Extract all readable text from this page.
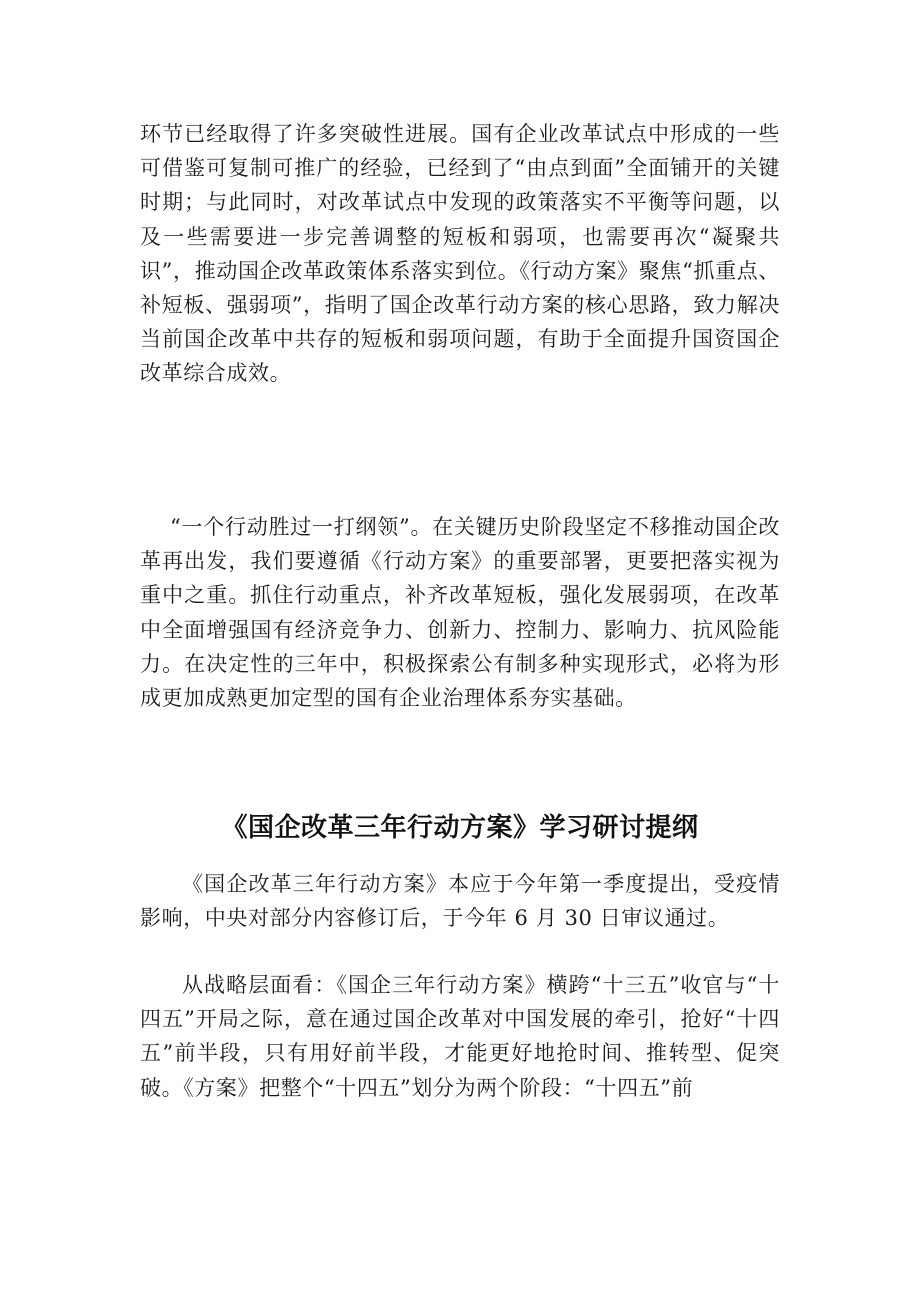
环节已经取得了许多突破性进展。国有企业改革试点中形成的一些可借鉴可复制可推广的经验，已经到了“由点到面”全面铺开的关键时期；与此同时，对改革试点中发现的政策落实不平衡等问题，以及一些需要进一步完善调整的短板和弱项，也需要再次“凝聚共识”，推动国企改革政策体系落实到位。《行动方案》聚焦“抓重点、补短板、强弱项”，指明了国企改革行动方案的核心思路，致力解决当前国企改革中共存的短板和弱项问题，有助于全面提升国资国企改革综合成效。

“一个行动胜过一打纲领”。在关键历史阶段坚定不移推动国企改革再出发，我们要遵循《行动方案》的重要部署，更要把落实视为重中之重。抓住行动重点，补齐改革短板，强化发展弱项，在改革中全面增强国有经济竞争力、创新力、控制力、影响力、抗风险能力。在决定性的三年中，积极探索公有制多种实现形式，必将为形成更加成熟更加定型的国有企业治理体系夯实基础。

《国企改革三年行动方案》学习研讨提纲

《国企改革三年行动方案》本应于今年第一季度提出，受疫情影响，中央对部分内容修订后，于今年 6 月 30 日审议通过。

从战略层面看：《国企三年行动方案》横跨“十三五”收官与“十四五”开局之际，意在通过国企改革对中国发展的牵引，抢好“十四五”前半段，只有用好前半段，才能更好地抢时间、推转型、促突破。《方案》把整个“十四五”划分为两个阶段：“十四五”前
